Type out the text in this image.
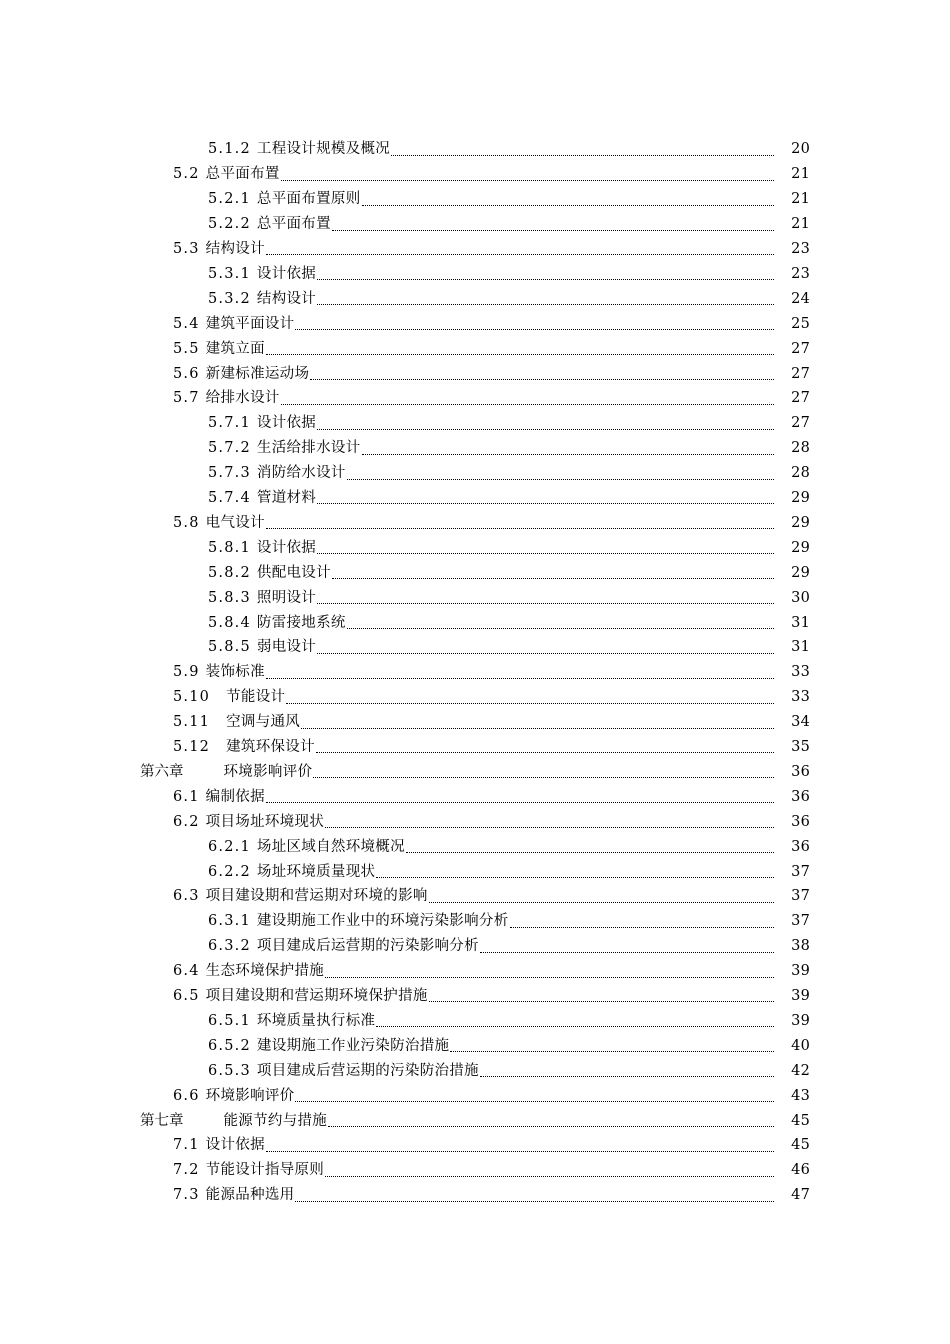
5.1.2 工程设计规模及概况	20
5.2 总平面布置	21
5.2.1 总平面布置原则	21
5.2.2 总平面布置	21
5.3 结构设计	23
5.3.1 设计依据	23
5.3.2 结构设计	24
5.4 建筑平面设计	25
5.5 建筑立面	27
5.6 新建标准运动场	27
5.7 给排水设计	27
5.7.1 设计依据	27
5.7.2 生活给排水设计	28
5.7.3 消防给水设计	28
5.7.4 管道材料	29
5.8 电气设计	29
5.8.1 设计依据	29
5.8.2 供配电设计	29
5.8.3 照明设计	30
5.8.4 防雷接地系统	31
5.8.5 弱电设计	31
5.9 装饰标准	33
5.10 节能设计	33
5.11 空调与通风	34
5.12 建筑环保设计	35
第六章	环境影响评价	36
6.1 编制依据	36
6.2 项目场址环境现状	36
6.2.1 场址区域自然环境概况	36
6.2.2 场址环境质量现状	37
6.3 项目建设期和营运期对环境的影响	37
6.3.1 建设期施工作业中的环境污染影响分析	37
6.3.2 项目建成后运营期的污染影响分析	38
6.4 生态环境保护措施	39
6.5 项目建设期和营运期环境保护措施	39
6.5.1 环境质量执行标准	39
6.5.2 建设期施工作业污染防治措施	40
6.5.3 项目建成后营运期的污染防治措施	42
6.6 环境影响评价	43
第七章	能源节约与措施	45
7.1 设计依据	45
7.2 节能设计指导原则	46
7.3 能源品种选用	47
